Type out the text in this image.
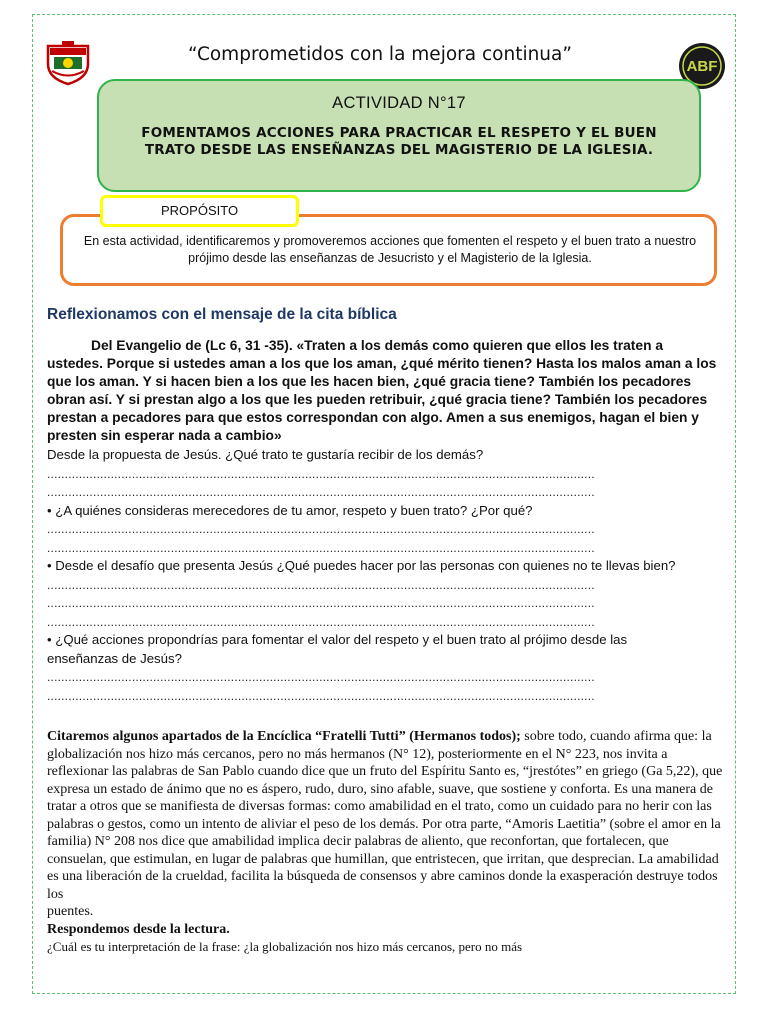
“Comprometidos con la mejora continua”
ABF
ACTIVIDAD N°17
FOMENTAMOS ACCIONES PARA PRACTICAR EL RESPETO Y EL BUEN TRATO DESDE LAS ENSEÑANZAS DEL MAGISTERIO DE LA IGLESIA.
En esta actividad, identificaremos y promoveremos acciones que fomenten el respeto y el buen trato a nuestro prójimo desde las enseñanzas de Jesucristo y el Magisterio de la Iglesia.
PROPÓSITO
Reflexionamos con el mensaje de la cita bíblica
Del Evangelio de (Lc 6, 31 -35). «Traten a los demás como quieren que ellos les traten a ustedes. Porque si ustedes aman a los que los aman, ¿qué mérito tienen? Hasta los malos aman a los que los aman. Y si hacen bien a los que les hacen bien, ¿qué gracia tiene? También los pecadores obran así. Y si prestan algo a los que les pueden retribuir, ¿qué gracia tiene? También los pecadores prestan a pecadores para que estos correspondan con algo. Amen a sus enemigos, hagan el bien y presten sin esperar nada a cambio»

Desde la propuesta de Jesús. ¿Qué trato te gustaría recibir de los demás?

...........................................................................................................................................................
...........................................................................................................................................................

• ¿A quiénes consideras merecedores de tu amor, respeto y buen trato? ¿Por qué?

...........................................................................................................................................................
...........................................................................................................................................................

• Desde el desafío que presenta Jesús ¿Qué puedes hacer por las personas con quienes no te llevas bien?

...........................................................................................................................................................
...........................................................................................................................................................
...........................................................................................................................................................

• ¿Qué acciones propondrías para fomentar el valor del respeto y el buen trato al prójimo desde las enseñanzas de Jesús?

...........................................................................................................................................................
...........................................................................................................................................................

Citaremos algunos apartados de la Encíclica “Fratelli Tutti” (Hermanos todos); sobre todo, cuando afirma que: la globalización nos hizo más cercanos, pero no más hermanos (N° 12), posteriormente en el N° 223, nos invita a reflexionar las palabras de San Pablo cuando dice que un fruto del Espíritu Santo es, “jrestótes” en griego (Ga 5,22), que expresa un estado de ánimo que no es áspero, rudo, duro, sino afable, suave, que sostiene y conforta. Es una manera de tratar a otros que se manifiesta de diversas formas: como amabilidad en el trato, como un cuidado para no herir con las palabras o gestos, como un intento de aliviar el peso de los demás. Por otra parte, “Amoris Laetitia” (sobre el amor en la familia) N° 208 nos dice que amabilidad implica decir palabras de aliento, que reconfortan, que fortalecen, que consuelan, que estimulan, en lugar de palabras que humillan, que entristecen, que irritan, que desprecian. La amabilidad es una liberación de la crueldad, facilita la búsqueda de consensos y abre caminos donde la exasperación destruye todos los

puentes.

Respondemos desde la lectura.

¿Cuál es tu interpretación de la frase: ¿la globalización nos hizo más cercanos, pero no más
